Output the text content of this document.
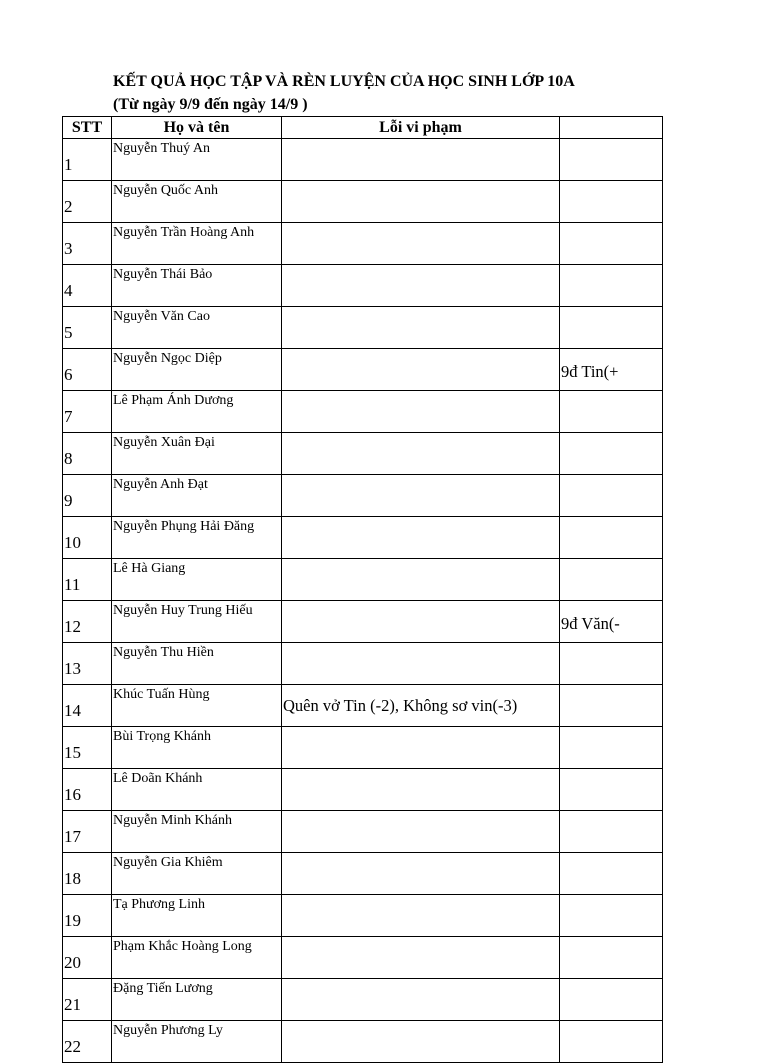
KẾT QUẢ HỌC TẬP VÀ RÈN LUYỆN CỦA HỌC SINH LỚP 10A
(Từ ngày 9/9 đến ngày 14/9 )
STT	Họ và tên	Lỗi vi phạm	
1	Nguyễn Thuý An		
2	Nguyễn Quốc Anh		
3	Nguyễn Trần Hoàng Anh		
4	Nguyễn Thái Bảo		
5	Nguyễn Văn Cao		
6	Nguyễn Ngọc Diệp		9đ Tin(+
7	Lê Phạm Ánh Dương		
8	Nguyễn Xuân Đại		
9	Nguyễn Anh Đạt		
10	Nguyễn Phụng Hải Đăng		
11	Lê Hà Giang		
12	Nguyễn Huy Trung Hiếu		9đ Văn(-
13	Nguyễn Thu Hiền		
14	Khúc Tuấn Hùng	Quên vở Tin (-2), Không sơ vin(-3)	
15	Bùi Trọng Khánh		
16	Lê Doãn Khánh		
17	Nguyễn Minh Khánh		
18	Nguyễn Gia Khiêm		
19	Tạ Phương Linh		
20	Phạm Khắc Hoàng Long		
21	Đặng Tiến Lương		
22	Nguyễn Phương Ly		
